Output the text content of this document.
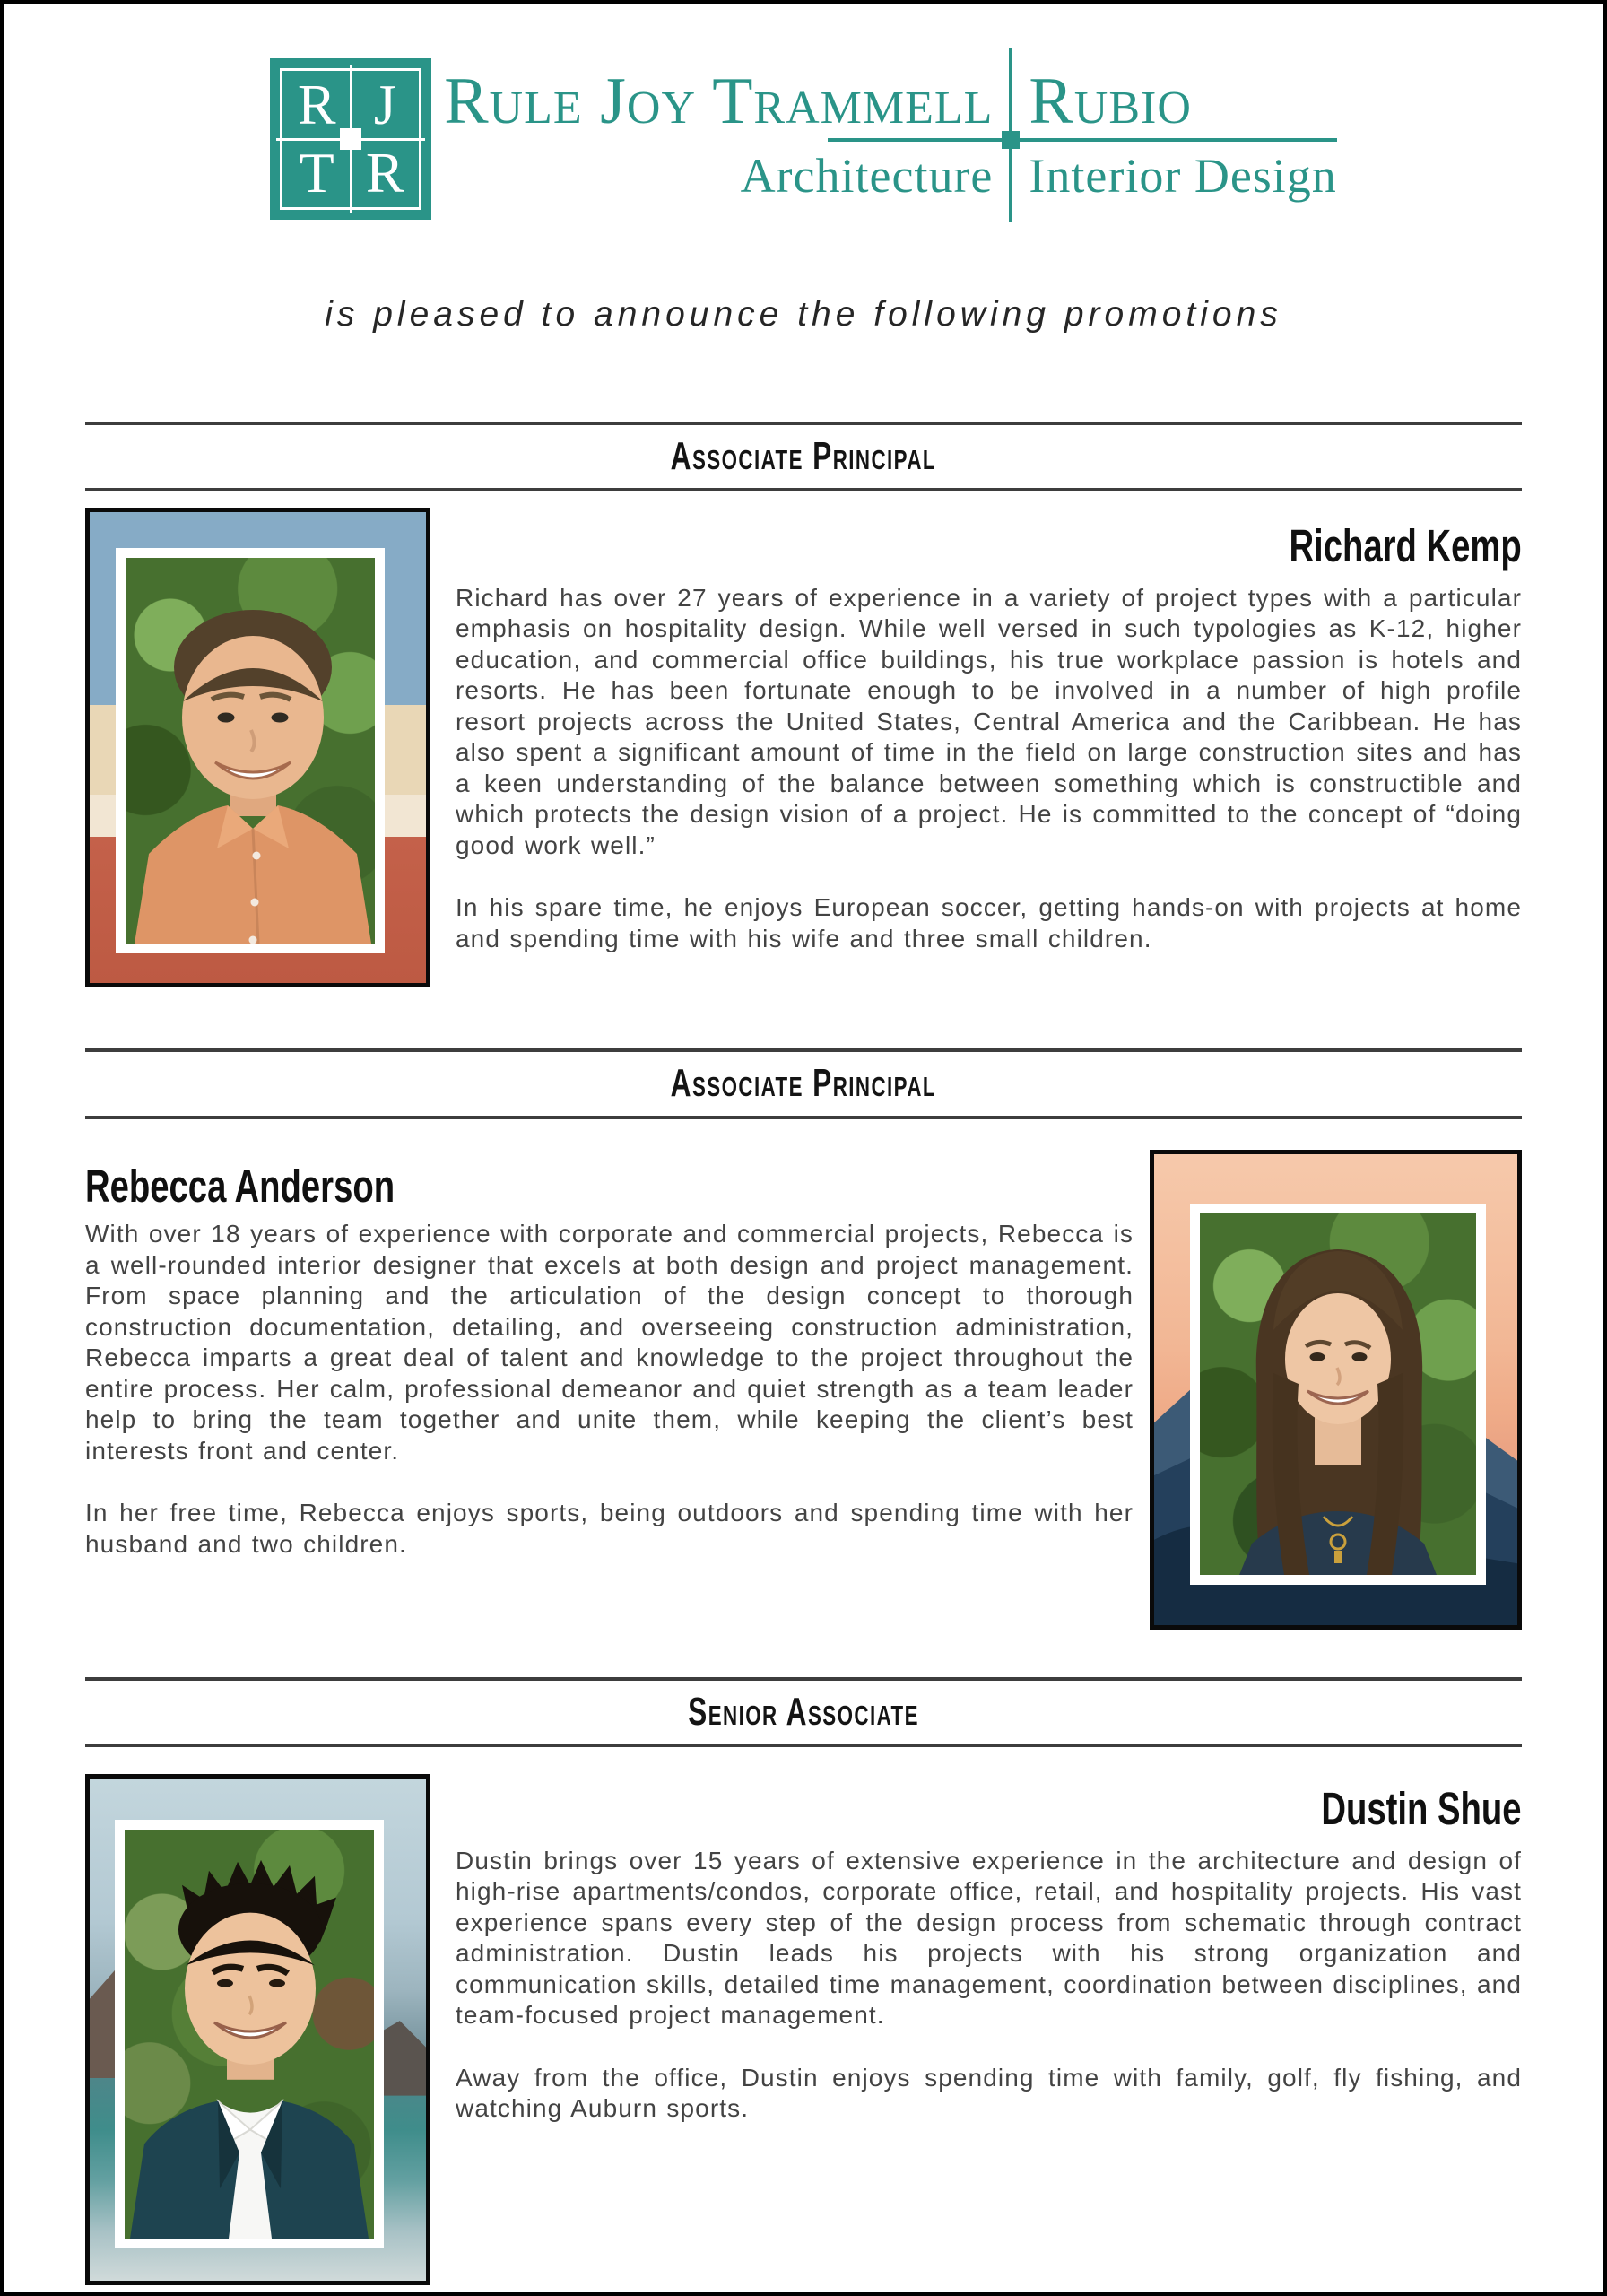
R J
T R
Rule Joy Trammell Rubio
Architecture Interior Design
is pleased to announce the following promotions
Associate Principal
Richard Kemp

Richard has over 27 years of experience in a variety of project types with a particular emphasis on hospitality design. While well versed in such typologies as K-12, higher education, and commercial office buildings, his true workplace passion is hotels and resorts. He has been fortunate enough to be involved in a number of high profile resort projects across the United States, Central America and the Caribbean. He has also spent a significant amount of time in the field on large construction sites and has a keen understanding of the balance between something which is constructible and which protects the design vision of a project. He is committed to the concept of “doing good work well.”

In his spare time, he enjoys European soccer, getting hands-on with projects at home and spending time with his wife and three small children.

Associate Principal
Rebecca Anderson

With over 18 years of experience with corporate and commercial projects, Rebecca is a well-rounded interior designer that excels at both design and project management. From space planning and the articulation of the design concept to thorough construction documentation, detailing, and overseeing construction administration, Rebecca imparts a great deal of talent and knowledge to the project throughout the entire process. Her calm, professional demeanor and quiet strength as a team leader help to bring the team together and unite them, while keeping the client’s best interests front and center.

In her free time, Rebecca enjoys sports, being outdoors and spending time with her husband and two children.

Senior Associate
Dustin Shue

Dustin brings over 15 years of extensive experience in the architecture and design of high-rise apartments/condos, corporate office, retail, and hospitality projects. His vast experience spans every step of the design process from schematic through contract administration. Dustin leads his projects with his strong organization and communication skills, detailed time management, coordination between disciplines, and team-focused project management.

Away from the office, Dustin enjoys spending time with family, golf, fly fishing, and watching Auburn sports.
